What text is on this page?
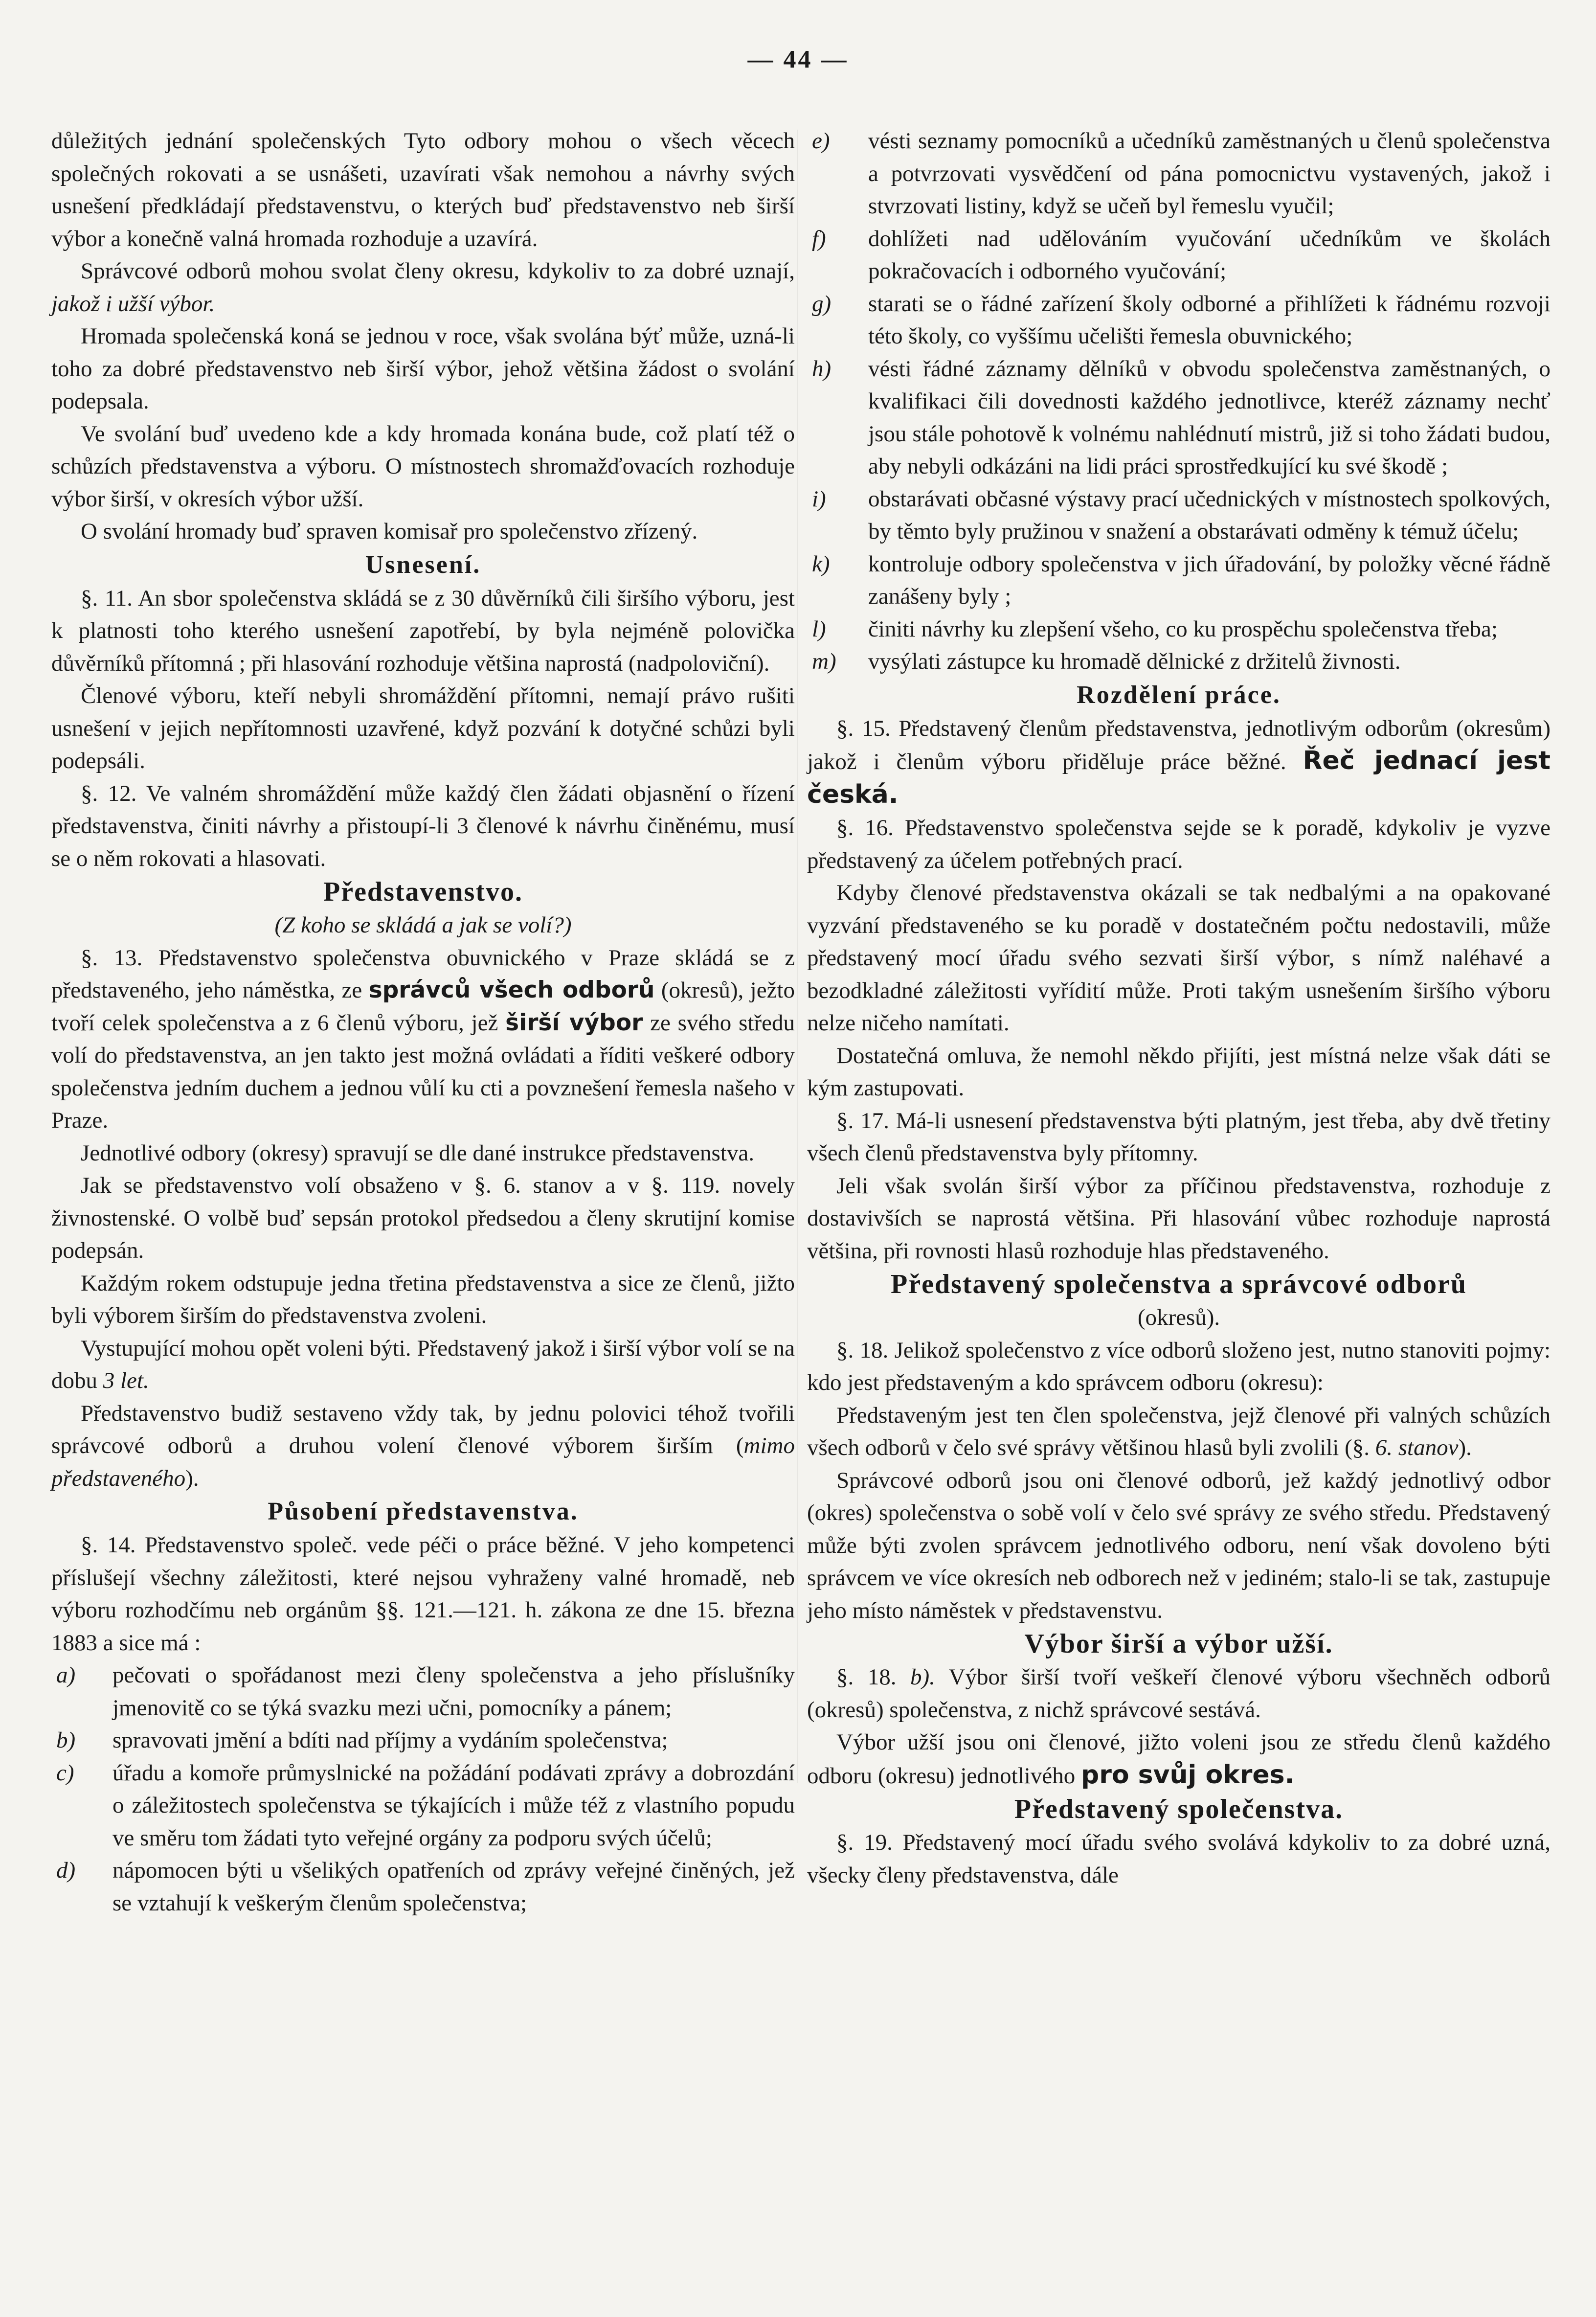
— 44 —

důležitých jednání společenských Tyto odbory mohou o všech věcech společných rokovati a se usnášeti, uzavírati však nemohou a návrhy svých usnešení předkládají představenstvu, o kterých buď představenstvo neb širší výbor a konečně valná hromada rozhoduje a uzavírá.

Správcové odborů mohou svolat členy okresu, kdykoliv to za dobré uznají, jakož i užší výbor.

Hromada společenská koná se jednou v roce, však svolána býť může, uzná-li toho za dobré představenstvo neb širší výbor, jehož většina žádost o svolání podepsala.

Ve svolání buď uvedeno kde a kdy hromada konána bude, což platí též o schůzích představenstva a výboru. O místnostech shromažďovacích rozhoduje výbor širší, v okresích výbor užší.

O svolání hromady buď spraven komisař pro společenstvo zřízený.

Usnesení.

§. 11. An sbor společenstva skládá se z 30 důvěrníků čili širšího výboru, jest k platnosti toho kterého usnešení zapotřebí, by byla nejméně polovička důvěrníků přítomná ; při hlasování rozhoduje většina naprostá (nadpoloviční).

Členové výboru, kteří nebyli shromáždění přítomni, nemají právo rušiti usnešení v jejich nepřítomnosti uzavřené, když pozvání k dotyčné schůzi byli podepsáli.

§. 12. Ve valném shromáždění může každý člen žádati objasnění o řízení představenstva, činiti návrhy a přistoupí-li 3 členové k návrhu činěnému, musí se o něm rokovati a hlasovati.

Představenstvo.
(Z koho se skládá a jak se volí?)

§. 13. Představenstvo společenstva obuvnického v Praze skládá se z představeného, jeho náměstka, ze správců všech odborů (okresů), ježto tvoří celek společenstva a z 6 členů výboru, jež širší výbor ze svého středu volí do představenstva, an jen takto jest možná ovládati a říditi veškeré odbory společenstva jedním duchem a jednou vůlí ku cti a povznešení řemesla našeho v Praze.

Jednotlivé odbory (okresy) spravují se dle dané instrukce představenstva.

Jak se představenstvo volí obsaženo v §. 6. stanov a v §. 119. novely živnostenské. O volbě buď sepsán protokol předsedou a členy skrutijní komise podepsán.

Každým rokem odstupuje jedna třetina představenstva a sice ze členů, jižto byli výborem širším do představenstva zvoleni.

Vystupující mohou opět voleni býti. Představený jakož i širší výbor volí se na dobu 3 let.

Představenstvo budiž sestaveno vždy tak, by jednu polovici téhož tvořili správcové odborů a druhou volení členové výborem širším (mimo představeného).

Působení představenstva.

§. 14. Představenstvo společ. vede péči o práce běžné. V jeho kompetenci příslušejí všechny záležitosti, které nejsou vyhraženy valné hromadě, neb výboru rozhodčímu neb orgánům §§. 121.—121. h. zákona ze dne 15. března 1883 a sice má :

a) pečovati o spořádanost mezi členy společenstva a jeho příslušníky jmenovitě co se týká svazku mezi učni, pomocníky a pánem;
b) spravovati jmění a bdíti nad příjmy a vydáním společenstva;
c) úřadu a komoře průmyslnické na požádání podávati zprávy a dobrozdání o záležitostech společenstva se týkajících i může též z vlastního popudu ve směru tom žádati tyto veřejné orgány za podporu svých účelů;
d) nápomocen býti u všelikých opatřeních od zprávy veřejné činěných, jež se vztahují k veškerým členům společenstva;
e) vésti seznamy pomocníků a učedníků zaměstnaných u členů společenstva a potvrzovati vysvědčení od pána pomocnictvu vystavených, jakož i stvrzovati listiny, když se učeň byl řemeslu vyučil;
f) dohlížeti nad udělováním vyučování učedníkům ve školách pokračovacích i odborného vyučování;
g) starati se o řádné zařízení školy odborné a přihlížeti k řádnému rozvoji této školy, co vyššímu učelišti řemesla obuvnického;
h) vésti řádné záznamy dělníků v obvodu společenstva zaměstnaných, o kvalifikaci čili dovednosti každého jednotlivce, kteréž záznamy nechť jsou stále pohotově k volnému nahlédnutí mistrů, již si toho žádati budou, aby nebyli odkázáni na lidi práci sprostředkující ku své škodě ;
i) obstarávati občasné výstavy prací učednických v místnostech spolkových, by těmto byly pružinou v snažení a obstarávati odměny k témuž účelu;
k) kontroluje odbory společenstva v jich úřadování, by položky věcné řádně zanášeny byly ;
l) činiti návrhy ku zlepšení všeho, co ku prospěchu společenstva třeba;
m) vysýlati zástupce ku hromadě dělnické z držitelů živnosti.
Rozdělení práce.

§. 15. Představený členům představenstva, jednotlivým odborům (okresům) jakož i členům výboru přiděluje práce běžné. Řeč jednací jest česká.

§. 16. Představenstvo společenstva sejde se k poradě, kdykoliv je vyzve představený za účelem potřebných prací.

Kdyby členové představenstva okázali se tak nedbalými a na opakované vyzvání představeného se ku poradě v dostatečném počtu nedostavili, může představený mocí úřadu svého sezvati širší výbor, s nímž naléhavé a bezodkladné záležitosti vyřídití může. Proti takým usnešením širšího výboru nelze ničeho namítati.

Dostatečná omluva, že nemohl někdo přijíti, jest místná nelze však dáti se kým zastupovati.

§. 17. Má-li usnesení představenstva býti platným, jest třeba, aby dvě třetiny všech členů představenstva byly přítomny.

Jeli však svolán širší výbor za příčinou představenstva, rozhoduje z dostavivších se naprostá většina. Při hlasování vůbec rozhoduje naprostá většina, při rovnosti hlasů rozhoduje hlas představeného.

Představený společenstva a správcové odborů
(okresů).

§. 18. Jelikož společenstvo z více odborů složeno jest, nutno stanoviti pojmy: kdo jest představeným a kdo správcem odboru (okresu):

Představeným jest ten člen společenstva, jejž členové při valných schůzích všech odborů v čelo své správy většinou hlasů byli zvolili (§. 6. stanov).

Správcové odborů jsou oni členové odborů, jež každý jednotlivý odbor (okres) společenstva o sobě volí v čelo své správy ze svého středu. Představený může býti zvolen správcem jednotlivého odboru, není však dovoleno býti správcem ve více okresích neb odborech než v jediném; stalo-li se tak, zastupuje jeho místo náměstek v představenstvu.

Výbor širší a výbor užší.

§. 18. b). Výbor širší tvoří veškeří členové výboru všechněch odborů (okresů) společenstva, z nichž správcové sestává.

Výbor užší jsou oni členové, jižto voleni jsou ze středu členů každého odboru (okresu) jednotlivého pro svůj okres.

Představený společenstva.

§. 19. Představený mocí úřadu svého svolává kdykoliv to za dobré uzná, všecky členy představenstva, dále
